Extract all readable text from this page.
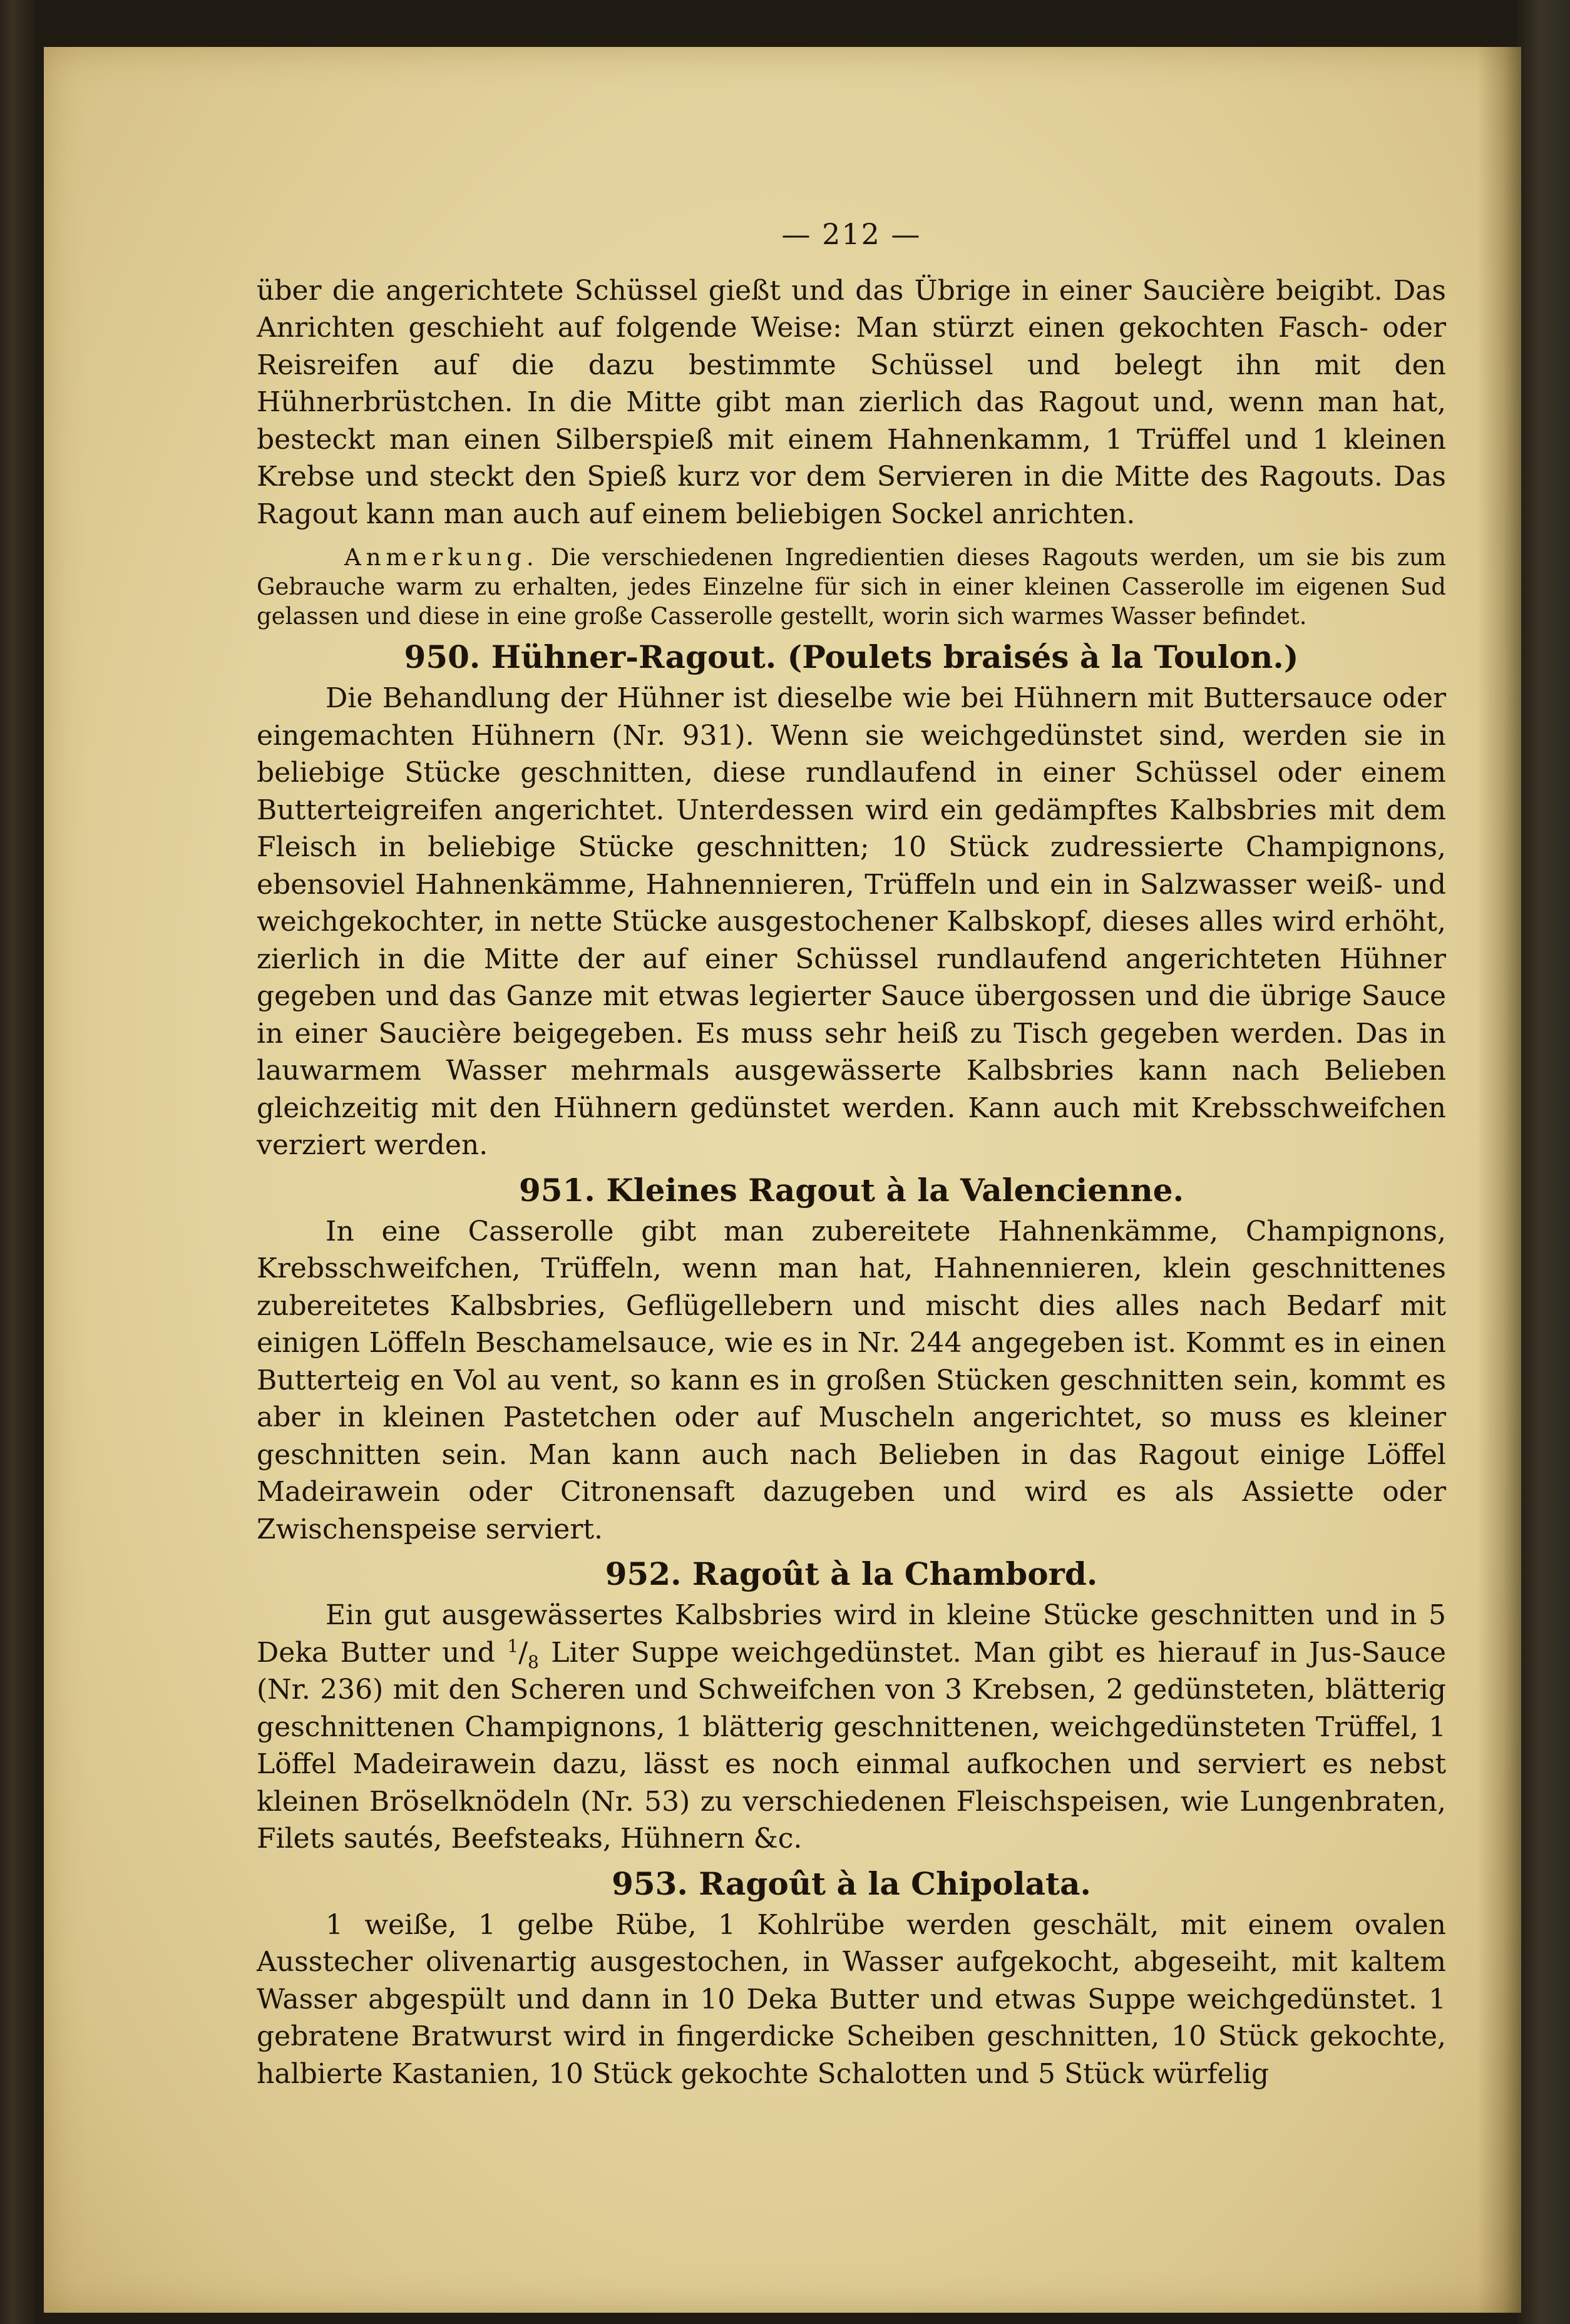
— 212 —

über die angerichtete Schüssel gießt und das Übrige in einer Saucière beigibt. Das Anrichten geschieht auf folgende Weise: Man stürzt einen gekochten Fasch- oder Reisreifen auf die dazu bestimmte Schüssel und belegt ihn mit den Hühnerbrüstchen. In die Mitte gibt man zierlich das Ragout und, wenn man hat, besteckt man einen Silberspieß mit einem Hahnenkamm, 1 Trüffel und 1 kleinen Krebse und steckt den Spieß kurz vor dem Servieren in die Mitte des Ragouts. Das Ragout kann man auch auf einem beliebigen Sockel anrichten.

Anmerkung. Die verschiedenen Ingredientien dieses Ragouts werden, um sie bis zum Gebrauche warm zu erhalten, jedes Einzelne für sich in einer kleinen Casserolle im eigenen Sud gelassen und diese in eine große Casserolle gestellt, worin sich warmes Wasser befindet.
950. Hühner-Ragout. (Poulets braisés à la Toulon.)

Die Behandlung der Hühner ist dieselbe wie bei Hühnern mit Buttersauce oder eingemachten Hühnern (Nr. 931). Wenn sie weichgedünstet sind, werden sie in beliebige Stücke geschnitten, diese rundlaufend in einer Schüssel oder einem Butterteigreifen angerichtet. Unterdessen wird ein gedämpftes Kalbsbries mit dem Fleisch in beliebige Stücke geschnitten; 10 Stück zudressierte Champignons, ebensoviel Hahnenkämme, Hahnennieren, Trüffeln und ein in Salzwasser weiß- und weichgekochter, in nette Stücke ausgestochener Kalbskopf, dieses alles wird erhöht, zierlich in die Mitte der auf einer Schüssel rundlaufend angerichteten Hühner gegeben und das Ganze mit etwas legierter Sauce übergossen und die übrige Sauce in einer Saucière beigegeben. Es muss sehr heiß zu Tisch gegeben werden. Das in lauwarmem Wasser mehrmals ausgewässerte Kalbsbries kann nach Belieben gleichzeitig mit den Hühnern gedünstet werden. Kann auch mit Krebsschweifchen verziert werden.

951. Kleines Ragout à la Valencienne.

In eine Casserolle gibt man zubereitete Hahnenkämme, Champignons, Krebsschweifchen, Trüffeln, wenn man hat, Hahnennieren, klein geschnittenes zubereitetes Kalbsbries, Geflügellebern und mischt dies alles nach Bedarf mit einigen Löffeln Beschamelsauce, wie es in Nr. 244 angegeben ist. Kommt es in einen Butterteig en Vol au vent, so kann es in großen Stücken geschnitten sein, kommt es aber in kleinen Pastetchen oder auf Muscheln angerichtet, so muss es kleiner geschnitten sein. Man kann auch nach Belieben in das Ragout einige Löffel Madeirawein oder Citronensaft dazugeben und wird es als Assiette oder Zwischenspeise serviert.

952. Ragoût à la Chambord.

Ein gut ausgewässertes Kalbsbries wird in kleine Stücke geschnitten und in 5 Deka Butter und $^1/_8$ Liter Suppe weichgedünstet. Man gibt es hierauf in Jus-Sauce (Nr. 236) mit den Scheren und Schweifchen von 3 Krebsen, 2 gedünsteten, blätterig geschnittenen Champignons, 1 blätterig geschnittenen, weichgedünsteten Trüffel, 1 Löffel Madeirawein dazu, lässt es noch einmal aufkochen und serviert es nebst kleinen Bröselknödeln (Nr. 53) zu verschiedenen Fleischspeisen, wie Lungenbraten, Filets sautés, Beefsteaks, Hühnern &c.

953. Ragoût à la Chipolata.

1 weiße, 1 gelbe Rübe, 1 Kohlrübe werden geschält, mit einem ovalen Ausstecher olivenartig ausgestochen, in Wasser aufgekocht, abgeseiht, mit kaltem Wasser abgespült und dann in 10 Deka Butter und etwas Suppe weichgedünstet. 1 gebratene Bratwurst wird in fingerdicke Scheiben geschnitten, 10 Stück gekochte, halbierte Kastanien, 10 Stück gekochte Schalotten und 5 Stück würfelig
